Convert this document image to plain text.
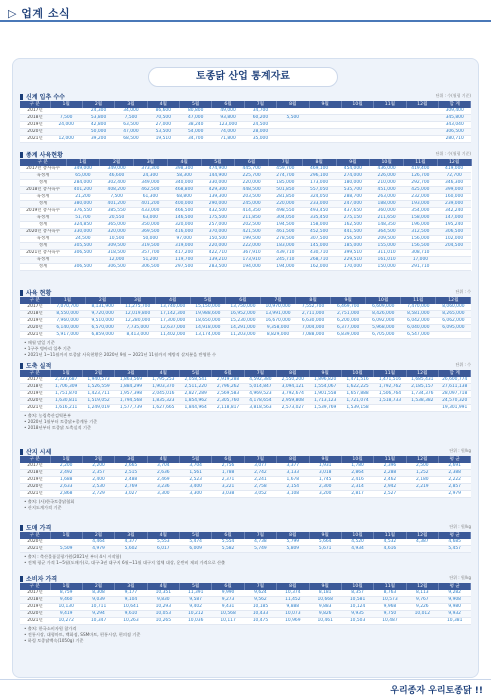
▷ 업계 소식
토종닭 산업 통계자료
신계 입추 수수	단위 : 수(월평 기준)
구 분	1월	2월	3월	4월	5월	6월	7월	8월	9월	10월	11월	12월	합 계
2017년		24,300	34,000	86,600	80,800	49,000	34,700						309,400
2018년	7,500	53,800	7,500	70,500	47,000	93,800	60,200	5,500					345,800
2019년	24,000	42,800	63,500	27,000	38,240	123,000	24,500						343,040
2020년		50,000	47,000	53,500	54,000	74,000	28,000						306,500
2021년	12,000	39,200	68,500	19,510	34,700	71,800	35,000						280,710
종계 사육현황	단위 : 수(월평 기준)
구 분	1월	2월	3월	4월	5월	6월	7월	8월	9월	10월	11월	12월
2017년 총사육수	349,000	349,000	373,300	398,300	474,900	445,700	459,700	469,100	454,000	436,000	419,400	419,000
육성계	65,000	46,600	24,300	58,300	144,900	225,700	274,700	296,100	274,000	226,000	126,700	72,700
성계	284,000	302,400	349,000	340,000	330,000	220,000	185,000	173,000	180,000	210,000	292,700	346,300
2018년 총사육수	401,200	408,200	462,500	468,800	429,300	448,500	501,850	557,050	535,700	451,000	425,000	399,000
육성계	21,200	7,500	61,300	68,800	139,300	203,500	281,850	324,050	288,700	263,000	232,000	160,000
성계	380,000	401,200	401,200	400,000	290,000	245,000	220,000	233,000	247,000	188,000	193,000	239,000
2019년 총사육수	376,550	385,550	433,000	466,500	432,500	414,350	498,550	493,450	437,650	360,000	354,000	342,240
육성계	51,700	20,550	63,000	146,500	175,500	211,850	304,050	335,450	275,150	211,650	158,000	147,000
성계	324,850	365,000	350,000	320,000	257,000	202,500	194,500	158,000	162,500	148,350	196,000	195,240
2020년 총사육수	330,000	320,000	369,500	416,000	370,000	421,500	461,500	452,500	441,500	364,500	312,500	306,500
육성계	24,500	10,500	50,000	97,000	150,500	199,500	278,500	307,500	256,500	209,500	156,000	102,000
성계	305,500	309,500	319,500	319,000	220,000	222,000	183,000	145,000	185,000	155,000	156,500	204,500
2021년 총사육수	306,500	318,500	357,700	417,200	422,710	367,910	439,710	430,710	399,510	311,010	308,710	
육성계		12,000	51,200	119,700	139,210	173,910	245,710	268,710	229,510	161,010	17,000	
성계	306,500	306,500	306,500	297,500	283,500	194,000	194,000	162,000	170,000	150,000	291,710	
사육 현황	단위 : 수
구 분	1월	2월	3월	4월	5월	6월	7월	8월	9월	10월	11월	12월
2017년	7,070,700	8,131,900	11,275,700	13,740,000	15,150,000	13,750,000	10,970,000	7,552,700	6,469,700	6,609,000	7,470,000	8,060,000
2018년	8,550,000	9,720,000	12,019,800	17,142,300	19,988,600	16,952,000	13,991,000	2,711,000	2,751,000	8,426,000	8,581,000	8,265,000
2019년	7,960,000	9,510,000	12,280,000	17,300,000	18,650,000	15,230,000	16,670,000	6,630,000	6,200,000	6,092,000	6,042,000	6,062,000
2020년	6,140,000	6,570,000	7,735,000	12,637,000	14,918,000	14,291,000	9,358,000	7,004,000	6,377,000	5,968,000	6,040,000	6,095,000
2021년	5,917,000	6,859,000	8,413,000	11,402,000	13,174,000	11,203,000	8,829,000	7,088,000	6,839,000	6,705,000	6,547,000	
• 매월 말일 기준
• 1구주 병아리 입추 기준
• 2021년 1~11월까지 토종닭 사육현황은 2020년 9월 ~ 2021년 11월까지 예방적 살처분을 반영한 수
도축 실적	단위 : 수
구 분	1월	2월	3월	4월	5월	6월	7월	8월	9월	10월	11월	12월	합 계
2017년	2,323,687	1,940,573	1,863,569	1,795,253	2,058,541	2,919,288	4,592,380	2,550,200	1,896,820	1,471,516	1,471,516	1,685,431	26,600,774
2018년	1,706,309	1,526,559	1,884,299	1,903,370	2,511,220	2,796,262	5,014,847	3,094,121	1,554,067	1,622,225	1,792,762	2,185,157	27,611,138
2019년	1,751,870	1,423,711	1,957,398	2,045,016	2,827,289	2,569,583	4,969,523	3,792,674	1,901,558	1,657,888	1,506,764	1,734,376	28,097,718
2020년	1,630,811	1,519,052	1,794,568	1,835,323	1,854,962	2,305,760	4,178,654	2,959,808	1,713,123	1,721,074	1,518,733	1,538,382	24,570,320
2021년	1,616,211	1,249,019	1,577,739	1,627,665	1,844,964	2,118,817	3,818,563	2,573,027	1,539,769	1,539,158			19,301,991
• 출처: 농림축산검역본부
• 2020년 1월부터 토종닭+종계통 기준
• 2018년부터 토종닭 도축실적 기준
산지 시세	단위 : 원/kg
구 분	1월	2월	3월	4월	5월	6월	7월	8월	9월	10월	11월	12월	평 균
2017년	2,200	2,200	2,665	3,704	3,704	2,756	3,077	3,377	1,931	1,780	2,396	2,500	2,691
2018년	2,492	2,357	2,515	2,636	1,561	1,788	2,742	3,133	3,018	2,864	2,288	1,252	2,388
2019년	1,688	2,400	2,488	2,469	2,523	2,371	2,241	1,678	1,745	2,416	2,462	2,180	2,222
2020년	2,633	2,530	2,769	3,236	3,400	3,221	2,758	2,154	2,300	2,314	2,942	2,219	2,857
2021년	2,868	2,729	3,027	3,300	3,300	3,038	3,052	3,108	3,200	2,817	2,527		2,979
• 출처: (사)한국토종닭협회
• 산지도계가격 기준
도매 가격	단위 : 원/kg
구 분	1월	2월	3월	4월	5월	6월	7월	8월	9월	10월	11월	12월	평 균
2020년		4,464	4,377	5,553	5,474	5,554	4,738	5,799	5,664	4,520	4,532	4,387	4,685
2021년	5,509	4,979	5,602	6,017	6,009	5,582	5,749	5,809	5,671	4,934	4,616		5,457
• 출처 : 축산물품질평가원(2021년 부터 4시 시작함)
• 전체 평균 가격 1~5월(도매가)로, 대구·3권 대구지 6월~11월 대구지 업체 대상, 운반비 제외 가격으로 산출
소비자 가격	단위 : 원/kg
구 분	1월	2월	3월	4월	5월	6월	7월	8월	9월	10월	11월	12월	평 균
2017년	8,759	8,308	9,177	10,351	11,391	9,990	9,624	10,374	8,181	8,357	8,763	8,113	9,282
2018년	9,460	9,039	9,104	9,830	9,587	9,273	9,562	11,452	10,668	10,581	10,573	9,767	9,908
2019년	10,130	10,711	10,641	10,293	9,402	9,431	10,185	9,888	9,883	10,124	9,968	9,226	9,980
2020년	9,419	9,294	9,610	10,053	10,212	10,568	10,433	10,073	9,826	9,935	9,750	10,012	9,932
2021년	10,272	10,347	10,263	10,265	10,036	10,117	10,475	10,969	10,461	10,503	10,487		10,381
• 출처: 한국소비자원 참가격
• 전통시장, 대형마트, 백화점, SSM마트, 편통시장, 편의점 기준
• 하림 토종닭백숙(1050g) 기준
우리종자 우리토종닭 !!
